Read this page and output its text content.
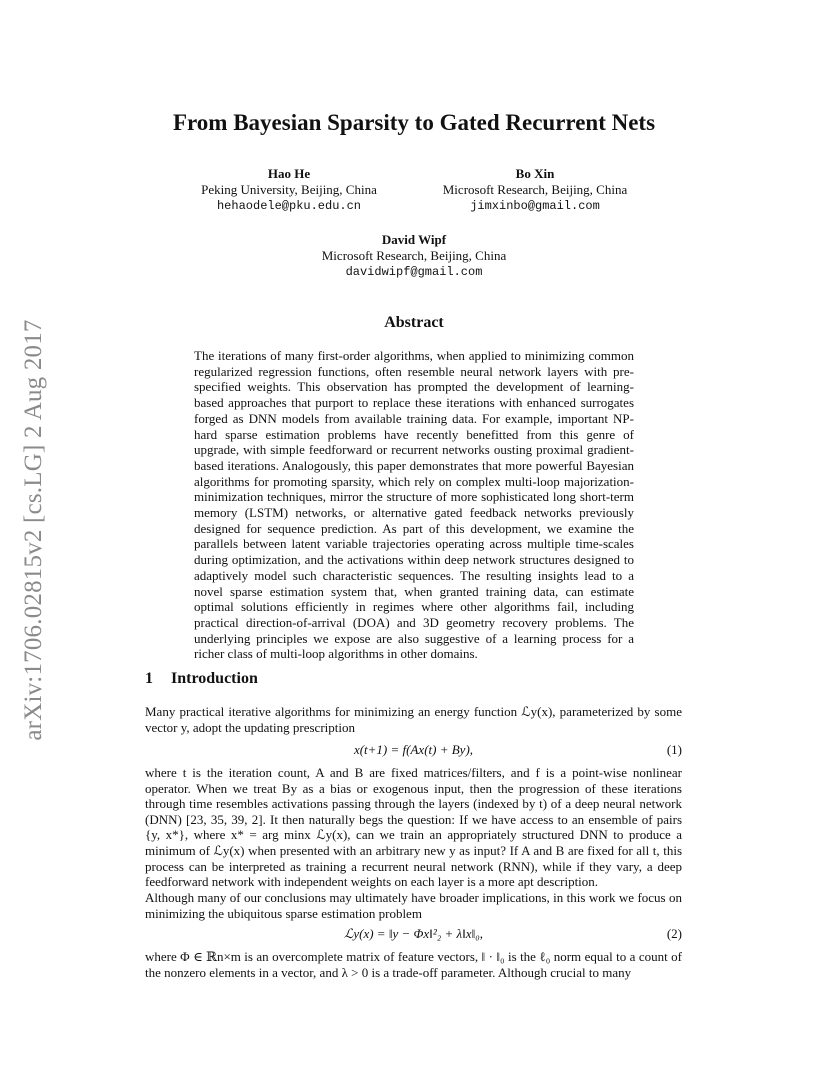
arXiv:1706.02815v2 [cs.LG] 2 Aug 2017
From Bayesian Sparsity to Gated Recurrent Nets
Hao He
Peking University, Beijing, China
hehaodele@pku.edu.cn
Bo Xin
Microsoft Research, Beijing, China
jimxinbo@gmail.com
David Wipf
Microsoft Research, Beijing, China
davidwipf@gmail.com
Abstract
The iterations of many first-order algorithms, when applied to minimizing common regularized regression functions, often resemble neural network layers with pre-specified weights. This observation has prompted the development of learning-based approaches that purport to replace these iterations with enhanced surrogates forged as DNN models from available training data. For example, important NP-hard sparse estimation problems have recently benefitted from this genre of upgrade, with simple feedforward or recurrent networks ousting proximal gradient-based iterations. Analogously, this paper demonstrates that more powerful Bayesian algorithms for promoting sparsity, which rely on complex multi-loop majorization-minimization techniques, mirror the structure of more sophisticated long short-term memory (LSTM) networks, or alternative gated feedback networks previously designed for sequence prediction. As part of this development, we examine the parallels between latent variable trajectories operating across multiple time-scales during optimization, and the activations within deep network structures designed to adaptively model such characteristic sequences. The resulting insights lead to a novel sparse estimation system that, when granted training data, can estimate optimal solutions efficiently in regimes where other algorithms fail, including practical direction-of-arrival (DOA) and 3D geometry recovery problems. The underlying principles we expose are also suggestive of a learning process for a richer class of multi-loop algorithms in other domains.
1 Introduction
Many practical iterative algorithms for minimizing an energy function ℒy(x), parameterized by some vector y, adopt the updating prescription
x(t+1) = f(Ax(t) + By),	(1)
where t is the iteration count, A and B are fixed matrices/filters, and f is a point-wise nonlinear operator. When we treat By as a bias or exogenous input, then the progression of these iterations through time resembles activations passing through the layers (indexed by t) of a deep neural network (DNN) [23, 35, 39, 2]. It then naturally begs the question: If we have access to an ensemble of pairs {y, x*}, where x* = arg minx ℒy(x), can we train an appropriately structured DNN to produce a minimum of ℒy(x) when presented with an arbitrary new y as input? If A and B are fixed for all t, this process can be interpreted as training a recurrent neural network (RNN), while if they vary, a deep feedforward network with independent weights on each layer is a more apt description.
Although many of our conclusions may ultimately have broader implications, in this work we focus on minimizing the ubiquitous sparse estimation problem
ℒy(x) = ‖y − Φx‖²₂ + λ‖x‖₀,	(2)
where Φ ∈ ℝn×m is an overcomplete matrix of feature vectors, ‖ · ‖₀ is the ℓ₀ norm equal to a count of the nonzero elements in a vector, and λ > 0 is a trade-off parameter. Although crucial to many
